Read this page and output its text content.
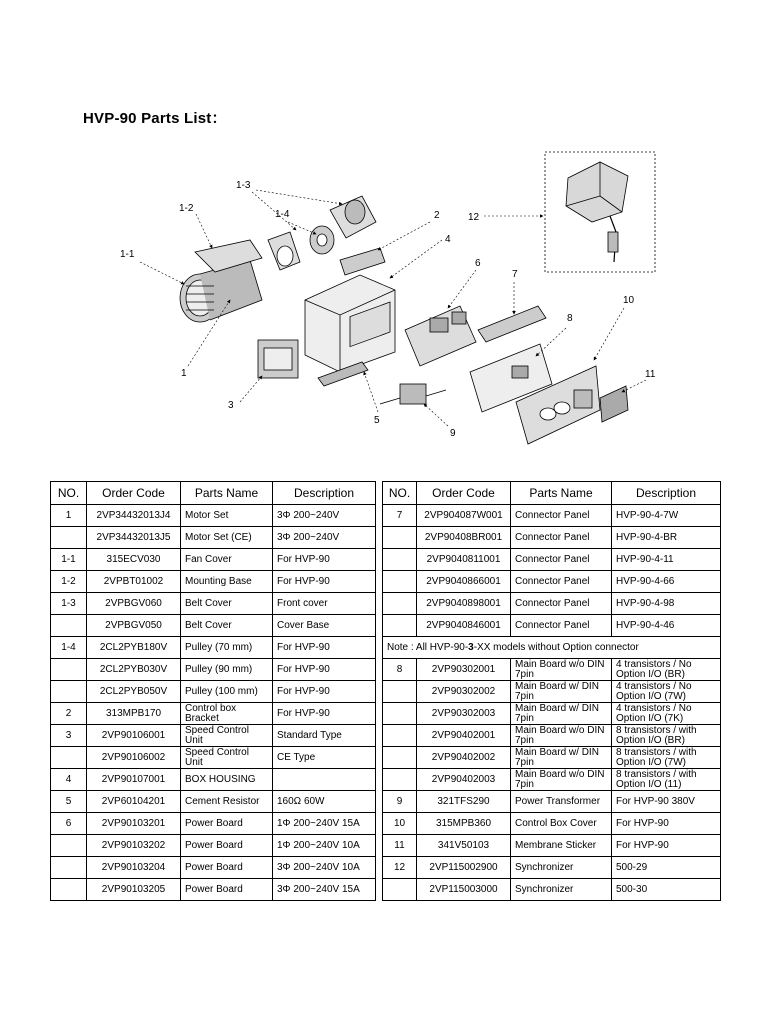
HVP-90 Parts List：
1-3
1-2
1-4
1-1
2	12
4
6
7
10
8
1	11
3
5
9
NO.	Order Code	Parts Name	Description
1	2VP34432013J4	Motor Set	3Φ 200~240V
	2VP34432013J5	Motor Set (CE)	3Φ 200~240V
1-1	315ECV030	Fan Cover	For HVP-90
1-2	2VPBT01002	Mounting Base	For HVP-90
1-3	2VPBGV060	Belt Cover	Front cover
	2VPBGV050	Belt Cover	Cover Base
1-4	2CL2PYB180V	Pulley (70 mm)	For HVP-90
	2CL2PYB030V	Pulley (90 mm)	For HVP-90
	2CL2PYB050V	Pulley (100 mm)	For HVP-90
2	313MPB170	Control box Bracket	For HVP-90
3	2VP90106001	Speed Control Unit	Standard Type
	2VP90106002	Speed Control Unit	CE Type
4	2VP90107001	BOX HOUSING	
5	2VP60104201	Cement Resistor	160Ω 60W
6	2VP90103201	Power Board	1Φ 200~240V 15A
	2VP90103202	Power Board	1Φ 200~240V 10A
	2VP90103204	Power Board	3Φ 200~240V 10A
	2VP90103205	Power Board	3Φ 200~240V 15A
NO.	Order Code	Parts Name	Description
7	2VP904087W001	Connector Panel	HVP-90-4-7W
	2VP90408BR001	Connector Panel	HVP-90-4-BR
	2VP9040811001	Connector Panel	HVP-90-4-11
	2VP9040866001	Connector Panel	HVP-90-4-66
	2VP9040898001	Connector Panel	HVP-90-4-98
	2VP9040846001	Connector Panel	HVP-90-4-46
Note : All HVP-90-3-XX models without Option connector			
8	2VP90302001	Main Board w/o DIN 7pin	4 transistors / No Option I/O (BR)
	2VP90302002	Main Board w/ DIN 7pin	4 transistors / No Option I/O (7W)
	2VP90302003	Main Board w/ DIN 7pin	4 transistors / No Option I/O (7K)
	2VP90402001	Main Board w/o DIN 7pin	8 transistors / with Option I/O (BR)
	2VP90402002	Main Board w/ DIN 7pin	8 transistors / with Option I/O (7W)
	2VP90402003	Main Board w/o DIN 7pin	8 transistors / with Option I/O (11)
9	321TFS290	Power Transformer	For HVP-90 380V
10	315MPB360	Control Box Cover	For HVP-90
11	341V50103	Membrane Sticker	For HVP-90
12	2VP115002900	Synchronizer	500-29
	2VP115003000	Synchronizer	500-30
